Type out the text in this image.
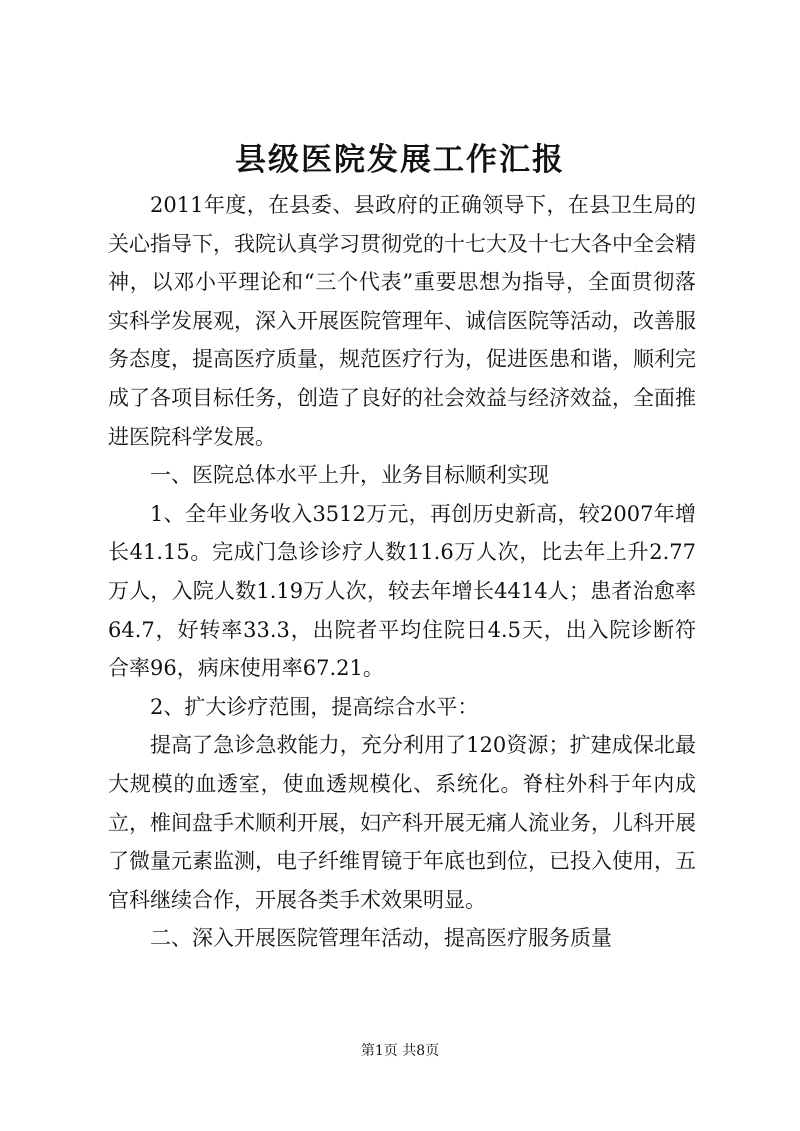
县级医院发展工作汇报

2011年度，在县委、县政府的正确领导下，在县卫生局的关心指导下，我院认真学习贯彻党的十七大及十七大各中全会精神，以邓小平理论和“三个代表”重要思想为指导，全面贯彻落实科学发展观，深入开展医院管理年、诚信医院等活动，改善服务态度，提高医疗质量，规范医疗行为，促进医患和谐，顺利完成了各项目标任务，创造了良好的社会效益与经济效益，全面推进医院科学发展。

一、医院总体水平上升，业务目标顺利实现

1、全年业务收入3512万元，再创历史新高，较2007年增长41.15。完成门急诊诊疗人数11.6万人次，比去年上升2.77万人，入院人数1.19万人次，较去年增长4414人；患者治愈率64.7，好转率33.3，出院者平均住院日4.5天，出入院诊断符合率96，病床使用率67.21。

2、扩大诊疗范围，提高综合水平：

提高了急诊急救能力，充分利用了120资源；扩建成保北最大规模的血透室，使血透规模化、系统化。脊柱外科于年内成立，椎间盘手术顺利开展，妇产科开展无痛人流业务，儿科开展了微量元素监测，电子纤维胃镜于年底也到位，已投入使用，五官科继续合作，开展各类手术效果明显。

二、深入开展医院管理年活动，提高医疗服务质量

第1页 共8页
